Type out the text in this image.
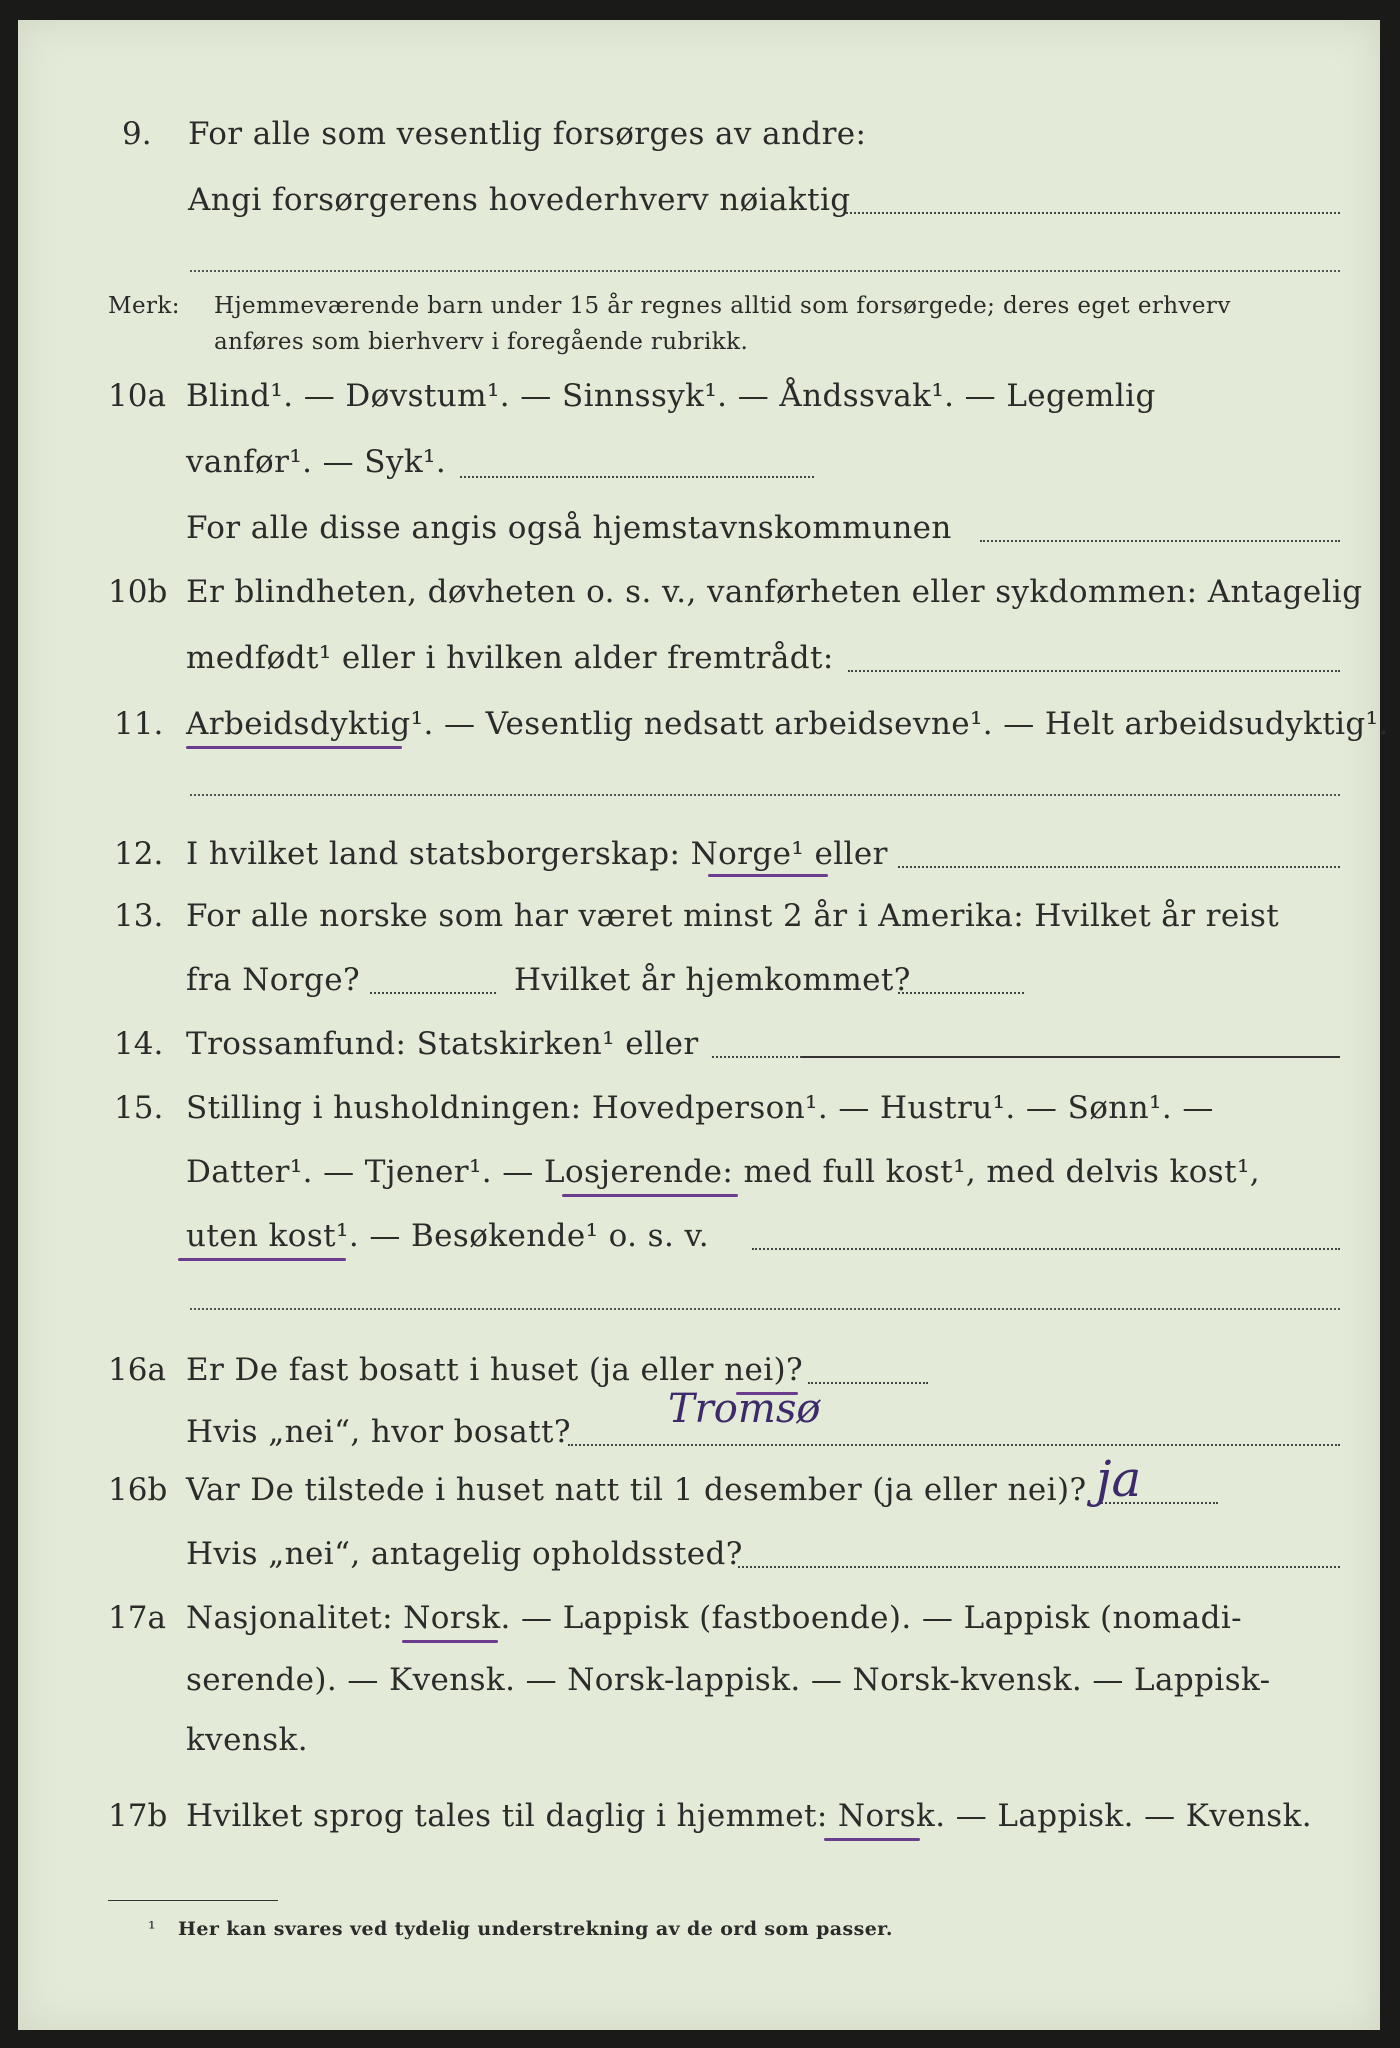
9. For alle som vesentlig forsørges av andre:
Angi forsørgerens hovederhverv nøiaktig
Merk: Hjemmeværende barn under 15 år regnes alltid som forsørgede; deres eget erhverv
anføres som bierhverv i foregående rubrikk.
10a Blind¹. — Døvstum¹. — Sinnssyk¹. — Åndssvak¹. — Legemlig
vanfør¹. — Syk¹.
For alle disse angis også hjemstavnskommunen
10b Er blindheten, døvheten o. s. v., vanførheten eller sykdommen: Antagelig
medfødt¹ eller i hvilken alder fremtrådt:
11. Arbeidsdyktig¹. — Vesentlig nedsatt arbeidsevne¹. — Helt arbeidsudyktig¹.
12. I hvilket land statsborgerskap: Norge¹ eller
13. For alle norske som har været minst 2 år i Amerika: Hvilket år reist
fra Norge?	Hvilket år hjemkommet?
14. Trossamfund: Statskirken¹ eller
15. Stilling i husholdningen: Hovedperson¹. — Hustru¹. — Sønn¹. —
Datter¹. — Tjener¹. — Losjerende: med full kost¹, med delvis kost¹,
uten kost¹. — Besøkende¹ o. s. v.
16a Er De fast bosatt i huset (ja eller nei)?
Hvis „nei“, hvor bosatt? Tromsø
16b Var De tilstede i huset natt til 1 desember (ja eller nei)? ja
Hvis „nei“, antagelig opholdssted?
17a Nasjonalitet: Norsk. — Lappisk (fastboende). — Lappisk (nomadi-
serende). — Kvensk. — Norsk-lappisk. — Norsk-kvensk. — Lappisk-
kvensk.
17b Hvilket sprog tales til daglig i hjemmet: Norsk. — Lappisk. — Kvensk.
¹ Her kan svares ved tydelig understrekning av de ord som passer.
